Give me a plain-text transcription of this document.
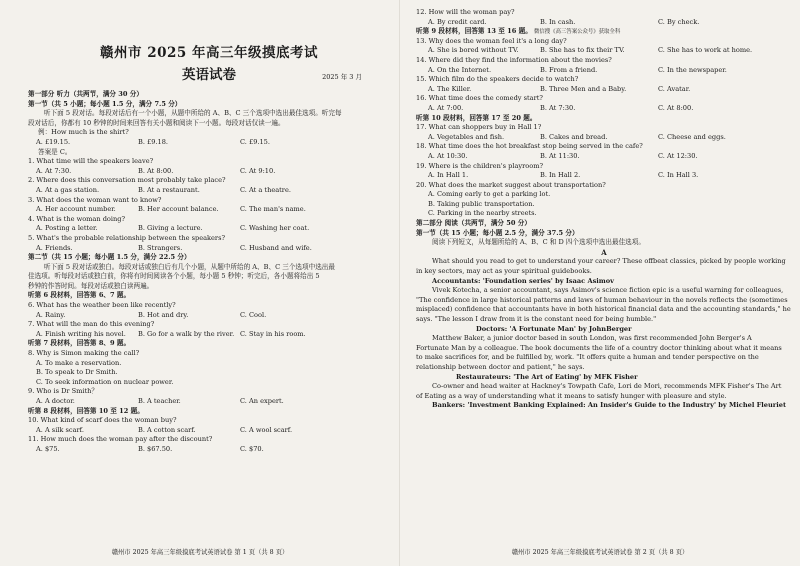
赣州市 2025 年高三年级摸底考试
英语试卷	2025 年 3 月
第一部分 听力（共两节，满分 30 分）
第一节（共 5 小题；每小题 1.5 分，满分 7.5 分）
听下面 5 段对话。每段对话后有一个小题，从题中所给的 A、B、C 三个选项中选出最佳选项。听完每
段对话后，你都有 10 秒钟的时间来回答有关小题和阅读下一小题。每段对话仅读一遍。
例：How much is the shirt?
A. £19.15.	B. £9.18.	C. £9.15.
答案是 C。
1. What time will the speakers leave?
A. At 7:30.	B. At 8:00.	C. At 9:10.
2. Where does this conversation most probably take place?
A. At a gas station.	B. At a restaurant.	C. At a theatre.
3. What does the woman want to know?
A. Her account number.	B. Her account balance.	C. The man's name.
4. What is the woman doing?
A. Posting a letter.	B. Giving a lecture.	C. Washing her coat.
5. What's the probable relationship between the speakers?
A. Friends.	B. Strangers.	C. Husband and wife.
第二节（共 15 小题；每小题 1.5 分，满分 22.5 分）
听下面 5 段对话或独白。每段对话或独白后有几个小题，从题中所给的 A、B、C 三个选项中选出最
佳选项。听每段对话或独白前，你将有时间阅读各个小题，每小题 5 秒钟；听完后，各小题将给出 5
秒钟的作答时间。每段对话或独白读两遍。
听第 6 段材料，回答第 6、7 题。
6. What has the weather been like recently?
A. Rainy.	B. Hot and dry.	C. Cool.
7. What will the man do this evening?
A. Finish writing his novel.	B. Go for a walk by the river. C. Stay in his room.
听第 7 段材料，回答第 8、9 题。
8. Why is Simon making the call?
A. To make a reservation.
B. To speak to Dr Smith.
C. To seek information on nuclear power.
9. Who is Dr Smith？
A. A doctor.	B. A teacher.	C. An expert.
听第 8 段材料，回答第 10 至 12 题。
10. What kind of scarf does the woman buy?
A. A silk scarf.	B. A cotton scarf.	C. A wool scarf.
11. How much does the woman pay after the discount?
A. $75.	B. $67.50.	C. $70.
赣州市 2025 年高三年级摸底考试英语试卷 第 1 页（共 8 页）
12. How will the woman pay?
A. By credit card.	B. In cash.	C. By check.
听第 9 段材料，回答第 13 至 16 题。 微信搜《高三答案公众号》获取全科
13. Why does the woman feel it's a long day?
A. She is bored without TV.	B. She has to fix their TV.	C. She has to work at home.
14. Where did they find the information about the movies?
A. On the Internet.	B. From a friend.	C. In the newspaper.
15. Which film do the speakers decide to watch?
A. The Killer.	B. Three Men and a Baby.	C. Avatar.
16. What time does the comedy start?
A. At 7:00.	B. At 7:30.	C. At 8:00.
听第 10 段材料，回答第 17 至 20 题。
17. What can shoppers buy in Hall 1?
A. Vegetables and fish.	B. Cakes and bread.	C. Cheese and eggs.
18. What time does the hot breakfast stop being served in the cafe?
A. At 10:30.	B. At 11:30.	C. At 12:30.
19. Where is the children's playroom?
A. In Hall 1.	B. In Hall 2.	C. In Hall 3.
20. What does the market suggest about transportation?
A. Coming early to get a parking lot.
B. Taking public transportation.
C. Parking in the nearby streets.
第二部分 阅读（共两节，满分 50 分）
第一节（共 15 小题；每小题 2.5 分，满分 37.5 分）
阅读下列短文，从每题所给的 A、B、C 和 D 四个选项中选出最佳选项。
A
What should you read to get to understand your career? These offbeat classics, picked by people working
in key sectors, may act as your spiritual guidebooks.
Accountants: 'Foundation series' by Isaac Asimov
Vivek Kotecha, a senior accountant, says Asimov's science fiction epic is a useful warning for colleagues,
"The confidence in large historical patterns and laws of human behaviour in the novels reflects the (sometimes
misplaced) confidence that accountants have in both historical financial data and the accounting standards," he
says. "The lesson I draw from it is the constant need for being humble."
Doctors: 'A Fortunate Man' by JohnBerger
Matthew Baker, a junior doctor based in south London, was first recommended John Berger's A
Fortunate Man by a colleague. The book documents the life of a country doctor thinking about what it means
to make sacrifices for, and be fulfilled by, work. "It offers quite a human and tender perspective on the
relationship between doctor and patient," he says.
Restaurateurs: 'The Art of Eating' by MFK Fisher
Co-owner and head waiter at Hackney's Towpath Cafe, Lori de Mori, recommends MFK Fisher's The Art
of Eating as a way of understanding what it means to satisfy hunger with pleasure and style.
Bankers: 'Investment Banking Explained: An Insider's Guide to the Industry' by Michel Fleuriet
赣州市 2025 年高三年级摸底考试英语试卷 第 2 页（共 8 页）
